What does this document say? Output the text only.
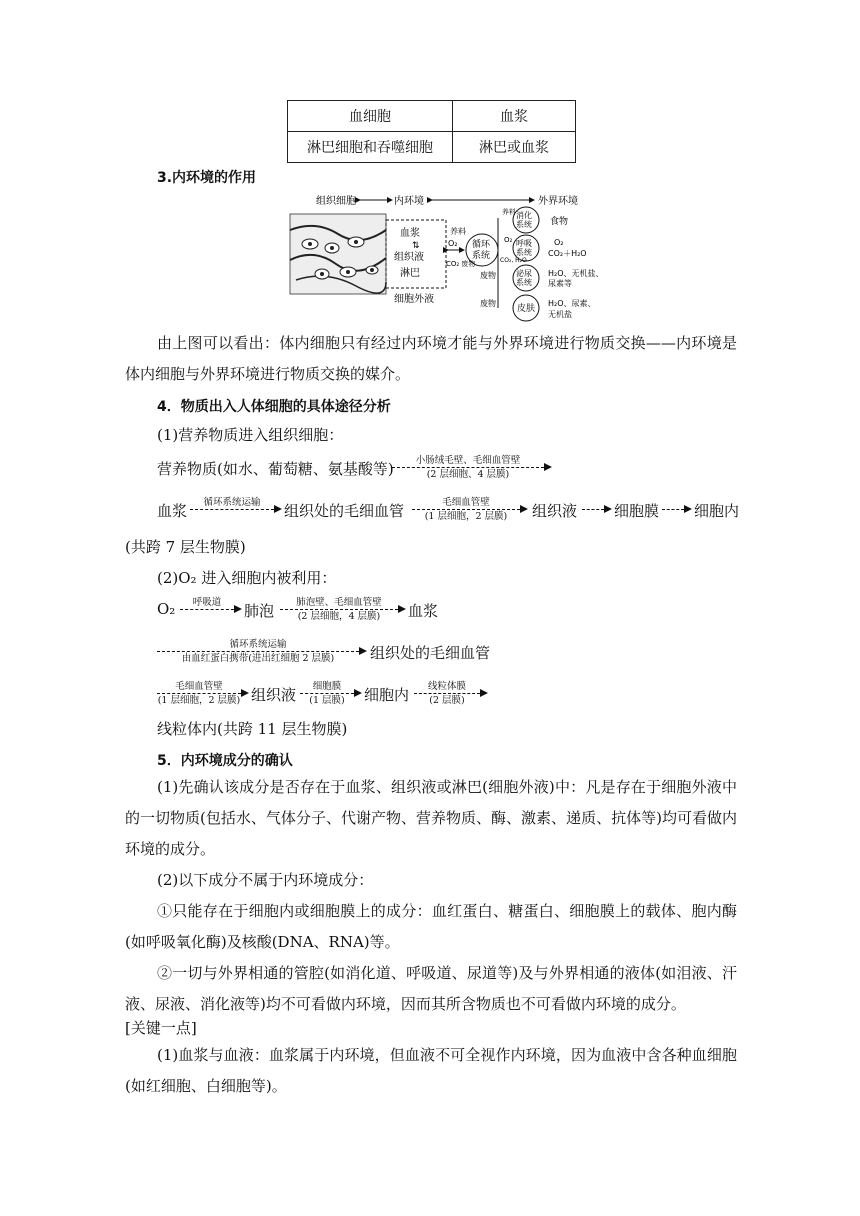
血细胞	血浆
淋巴细胞和吞噬细胞	淋巴或血浆
3.内环境的作用
组织细胞	内环境	外界环境
血浆
⇅
组织液
淋巴
细胞外液
循环
系统
养料
O₂
CO₂ 废物
消化
系统
养料
食物
呼吸
系统
O₂
CO₂, H₂O
O₂
CO₂＋H₂O
泌尿
系统
废物	H₂O、无机盐、
尿素等
皮肤
废物	H₂O、尿素、
无机盐
由上图可以看出：体内细胞只有经过内环境才能与外界环境进行物质交换——内环境是体内细胞与外界环境进行物质交换的媒介。
4．物质出入人体细胞的具体途径分析
(1)营养物质进入组织细胞：
营养物质(如水、葡萄糖、氨基酸等)	小肠绒毛壁、毛细血管壁
(2 层细胞、4 层膜)
血浆	循环系统运输	组织处的毛细血管	毛细血管壁
(1 层细胞，2 层膜)	组织液 细胞膜 细胞内
(共跨 7 层生物膜)
(2)O₂ 进入细胞内被利用：
O₂	呼吸道	肺泡	肺泡壁、毛细血管壁
(2 层细胞，4 层膜)	血浆
循环系统运输
由血红蛋白携带(进出红细胞 2 层膜)	组织处的毛细血管
毛细血管壁
(1 层细胞，2 层膜) 组织液	细胞膜
(1 层膜)	细胞内	线粒体膜
(2 层膜)
线粒体内(共跨 11 层生物膜)
5．内环境成分的确认
(1)先确认该成分是否存在于血浆、组织液或淋巴(细胞外液)中：凡是存在于细胞外液中的一切物质(包括水、气体分子、代谢产物、营养物质、酶、激素、递质、抗体等)均可看做内环境的成分。
(2)以下成分不属于内环境成分：
①只能存在于细胞内或细胞膜上的成分：血红蛋白、糖蛋白、细胞膜上的载体、胞内酶(如呼吸氧化酶)及核酸(DNA、RNA)等。
②一切与外界相通的管腔(如消化道、呼吸道、尿道等)及与外界相通的液体(如泪液、汗液、尿液、消化液等)均不可看做内环境，因而其所含物质也不可看做内环境的成分。
[关键一点]
(1)血浆与血液：血浆属于内环境，但血液不可全视作内环境，因为血液中含各种血细胞(如红细胞、白细胞等)。
